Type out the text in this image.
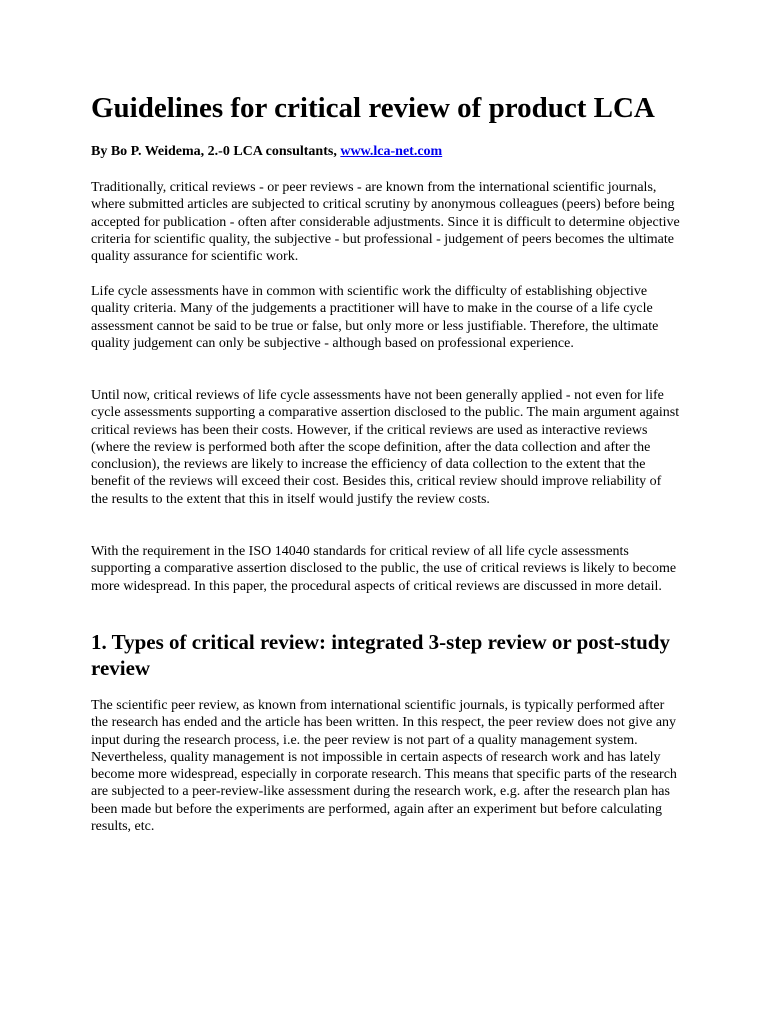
Guidelines for critical review of product LCA

By Bo P. Weidema, 2.-0 LCA consultants, www.lca-net.com

Traditionally, critical reviews - or peer reviews - are known from the international scientific journals, where submitted articles are subjected to critical scrutiny by anonymous colleagues (peers) before being accepted for publication - often after considerable adjustments. Since it is difficult to determine objective criteria for scientific quality, the subjective - but professional - judgement of peers becomes the ultimate quality assurance for scientific work.

Life cycle assessments have in common with scientific work the difficulty of establishing objective quality criteria. Many of the judgements a practitioner will have to make in the course of a life cycle assessment cannot be said to be true or false, but only more or less justifiable. Therefore, the ultimate quality judgement can only be subjective - although based on professional experience.

Until now, critical reviews of life cycle assessments have not been generally applied - not even for life cycle assessments supporting a comparative assertion disclosed to the public. The main argument against critical reviews has been their costs. However, if the critical reviews are used as interactive reviews (where the review is performed both after the scope definition, after the data collection and after the conclusion), the reviews are likely to increase the efficiency of data collection to the extent that the benefit of the reviews will exceed their cost. Besides this, critical review should improve reliability of the results to the extent that this in itself would justify the review costs.

With the requirement in the ISO 14040 standards for critical review of all life cycle assessments supporting a comparative assertion disclosed to the public, the use of critical reviews is likely to become more widespread. In this paper, the procedural aspects of critical reviews are discussed in more detail.

1. Types of critical review: integrated 3-step review or post-study review

The scientific peer review, as known from international scientific journals, is typically performed after the research has ended and the article has been written. In this respect, the peer review does not give any input during the research process, i.e. the peer review is not part of a quality management system. Nevertheless, quality management is not impossible in certain aspects of research work and has lately become more widespread, especially in corporate research. This means that specific parts of the research are subjected to a peer-review-like assessment during the research work, e.g. after the research plan has been made but before the experiments are performed, again after an experiment but before calculating results, etc.
